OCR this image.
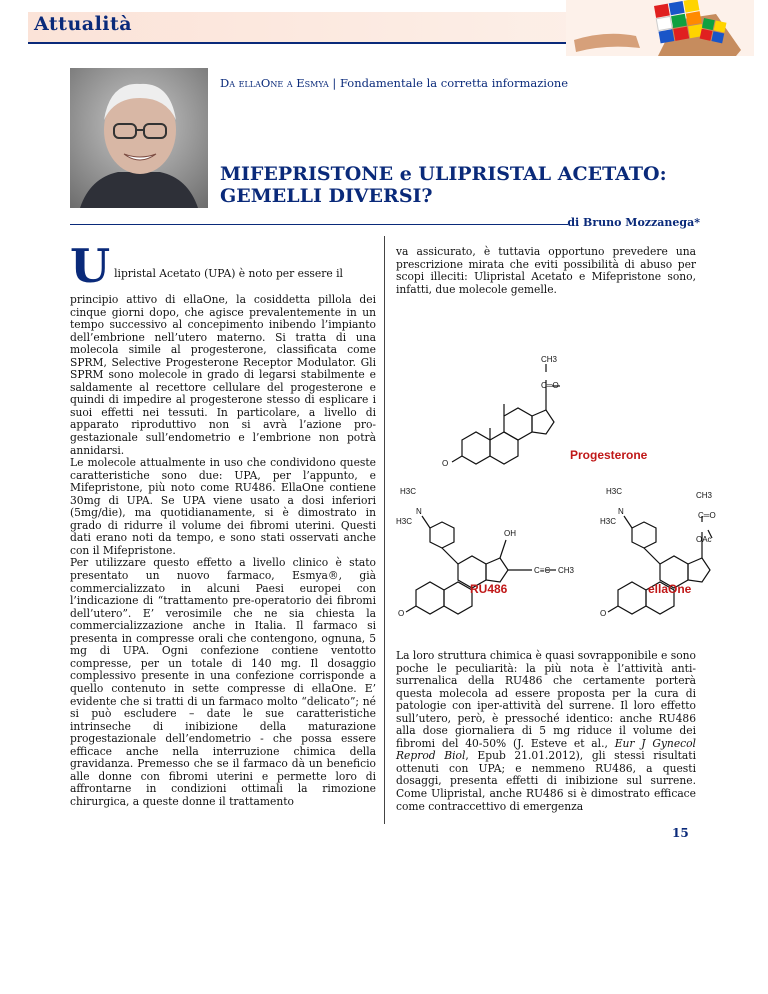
Attualità
Da ellaOne a Esmya | Fondamentale la corretta informazione
MIFEPRISTONE e ULIPRISTAL ACETATO:
GEMELLI DIVERSI?
di Bruno Mozzanega*
U lipristal Acetato (UPA) è noto per essere il

principio attivo di ellaOne, la cosiddetta pillola dei cinque giorni dopo, che agisce prevalentemente in un tempo successivo al concepimento inibendo l’impianto dell’embrione nell’utero materno. Si tratta di una molecola simile al progesterone, classificata come SPRM, Selective Progesterone Receptor Modulator. Gli SPRM sono molecole in grado di legarsi stabilmente e saldamente al recettore cellulare del progesterone e quindi di impedire al progesterone stesso di esplicare i suoi effetti nei tessuti. In particolare, a livello di apparato riproduttivo non si avrà l’azione pro-gestazionale sull’endometrio e l’embrione non potrà annidarsi.

Le molecole attualmente in uso che condividono queste caratteristiche sono due: UPA, per l’appunto, e Mifepristone, più noto come RU486. EllaOne contiene 30mg di UPA. Se UPA viene usato a dosi inferiori (5mg/die), ma quotidianamente, si è dimostrato in grado di ridurre il volume dei fibromi uterini. Questi dati erano noti da tempo, e sono stati osservati anche con il Mifepristone.

Per utilizzare questo effetto a livello clinico è stato presentato un nuovo farmaco, Esmya®, già commercializzato in alcuni Paesi europei con l’indicazione di “trattamento pre-operatorio dei fibromi dell’utero”. E’ verosimile che ne sia chiesta la commercializzazione anche in Italia. Il farmaco si presenta in compresse orali che contengono, ognuna, 5 mg di UPA. Ogni confezione contiene ventotto compresse, per un totale di 140 mg. Il dosaggio complessivo presente in una confezione corrisponde a quello contenuto in sette compresse di ellaOne. E’ evidente che si tratti di un farmaco molto “delicato”; né si può escludere – date le sue caratteristiche intrinseche di inibizione della maturazione progestazionale dell’endometrio - che possa essere efficace anche nella interruzione chimica della gravidanza. Premesso che se il farmaco dà un beneficio alle donne con fibromi uterini e permette loro di affrontarne in condizioni ottimali la rimozione chirurgica, a queste donne il trattamento

va assicurato, è tuttavia opportuno prevedere una prescrizione mirata che eviti possibilità di abuso per scopi illeciti: Ulipristal Acetato e Mifepristone sono, infatti, due molecole gemelle.

CH3
C═O
O
H3C
N
H3C
OH
C≡C CH3
O
H3C
N
H3C
CH3
C═O
OAc
O
Progesterone
RU486	ellaOne

La loro struttura chimica è quasi sovrapponibile e sono poche le peculiarità: la più nota è l’attività anti-surrenalica della RU486 che certamente porterà questa molecola ad essere proposta per la cura di patologie con iper-attività del surrene. Il loro effetto sull’utero, però, è pressoché identico: anche RU486 alla dose giornaliera di 5 mg riduce il volume dei fibromi del 40-50% (J. Esteve et al., Eur J Gynecol Reprod Biol, Epub 21.01.2012), gli stessi risultati ottenuti con UPA; e nemmeno RU486, a questi dosaggi, presenta effetti di inibizione sul surrene. Come Ulipristal, anche RU486 si è dimostrato efficace come contraccettivo di emergenza

15
